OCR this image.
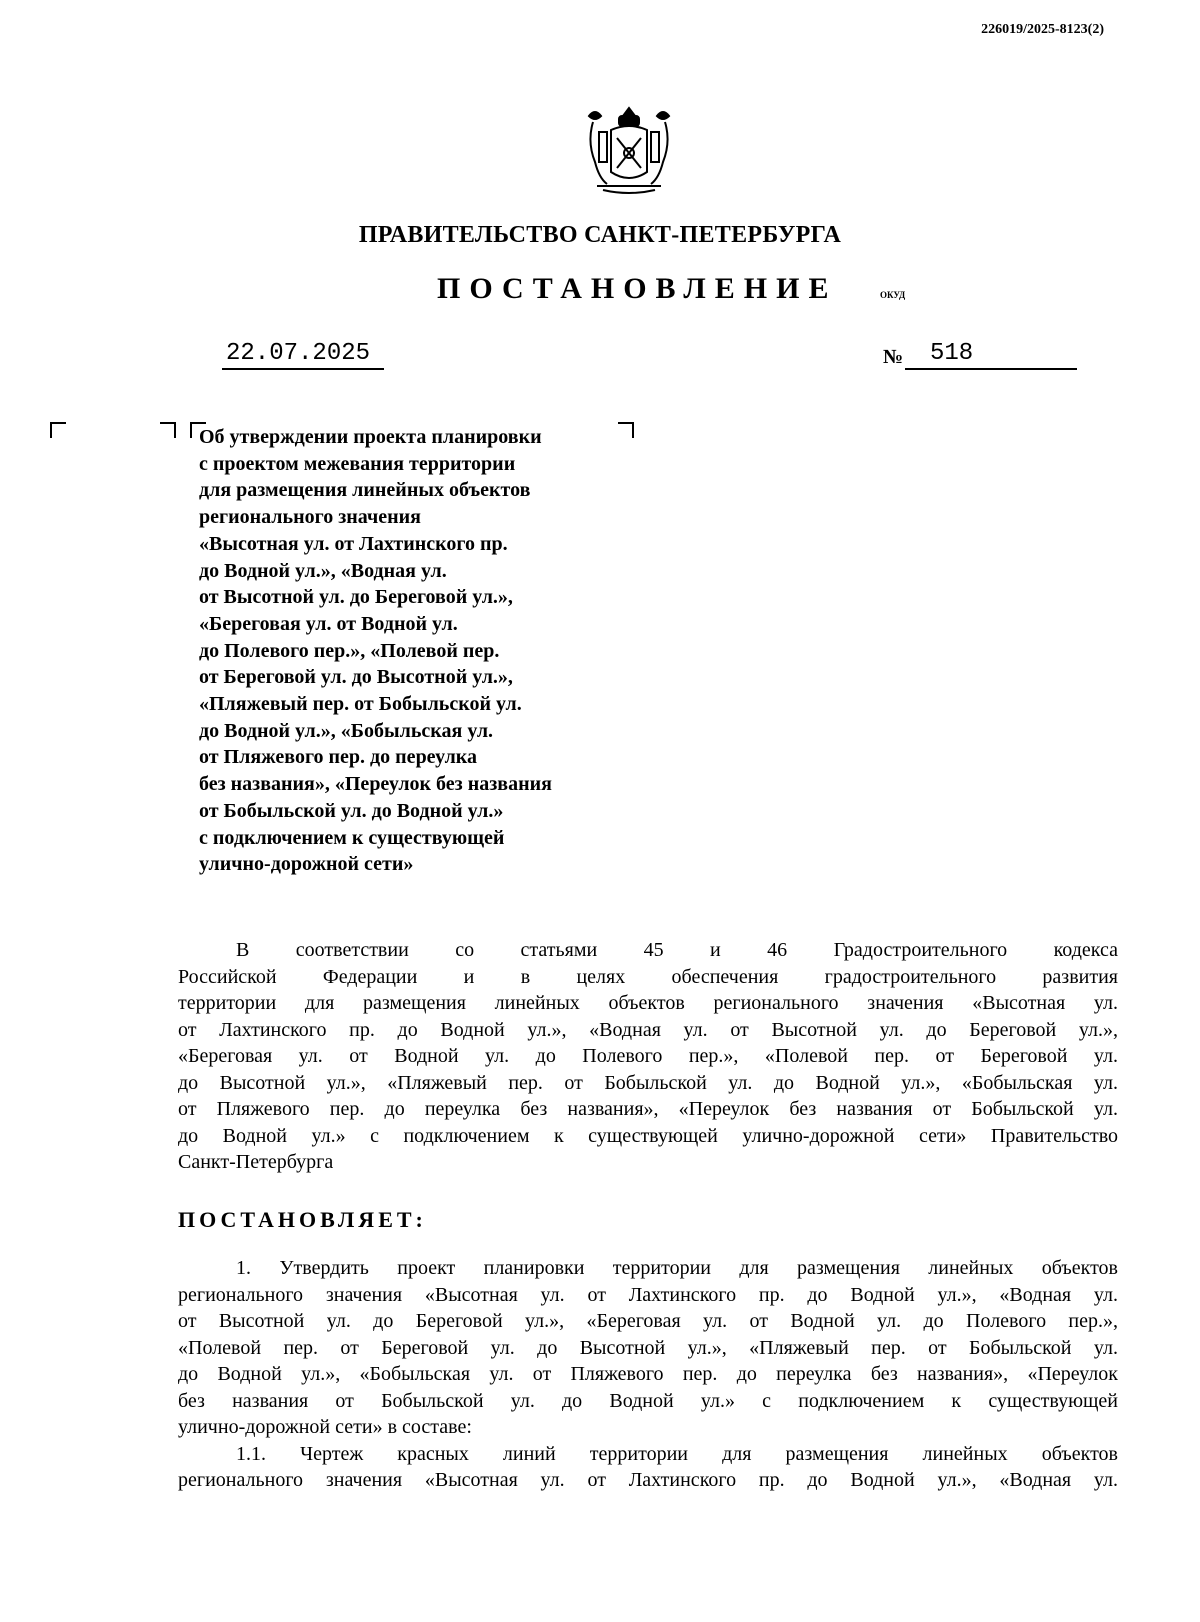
226019/2025-8123(2)
ПРАВИТЕЛЬСТВО САНКТ-ПЕТЕРБУРГА
ПОСТАНОВЛЕНИЕ	ОКУД
22.07.2025	№	518
Об утверждении проекта планировки
с проектом межевания территории
для размещения линейных объектов
регионального значения
«Высотная ул. от Лахтинского пр.
до Водной ул.», «Водная ул.
от Высотной ул. до Береговой ул.»,
«Береговая ул. от Водной ул.
до Полевого пер.», «Полевой пер.
от Береговой ул. до Высотной ул.»,
«Пляжевый пер. от Бобыльской ул.
до Водной ул.», «Бобыльская ул.
от Пляжевого пер. до переулка
без названия», «Переулок без названия
от Бобыльской ул. до Водной ул.»
с подключением к существующей
улично-дорожной сети»
В соответствии со статьями 45 и 46 Градостроительного кодекса
Российской Федерации и в целях обеспечения градостроительного развития
территории для размещения линейных объектов регионального значения «Высотная ул.
от Лахтинского пр. до Водной ул.», «Водная ул. от Высотной ул. до Береговой ул.»,
«Береговая ул. от Водной ул. до Полевого пер.», «Полевой пер. от Береговой ул.
до Высотной ул.», «Пляжевый пер. от Бобыльской ул. до Водной ул.», «Бобыльская ул.
от Пляжевого пер. до переулка без названия», «Переулок без названия от Бобыльской ул.
до Водной ул.» с подключением к существующей улично-дорожной сети» Правительство
Санкт-Петербурга
ПОСТАНОВЛЯЕТ:
1. Утвердить проект планировки территории для размещения линейных объектов
регионального значения «Высотная ул. от Лахтинского пр. до Водной ул.», «Водная ул.
от Высотной ул. до Береговой ул.», «Береговая ул. от Водной ул. до Полевого пер.»,
«Полевой пер. от Береговой ул. до Высотной ул.», «Пляжевый пер. от Бобыльской ул.
до Водной ул.», «Бобыльская ул. от Пляжевого пер. до переулка без названия», «Переулок
без названия от Бобыльской ул. до Водной ул.» с подключением к существующей
улично-дорожной сети» в составе:
1.1. Чертеж красных линий территории для размещения линейных объектов
регионального значения «Высотная ул. от Лахтинского пр. до Водной ул.», «Водная ул.
